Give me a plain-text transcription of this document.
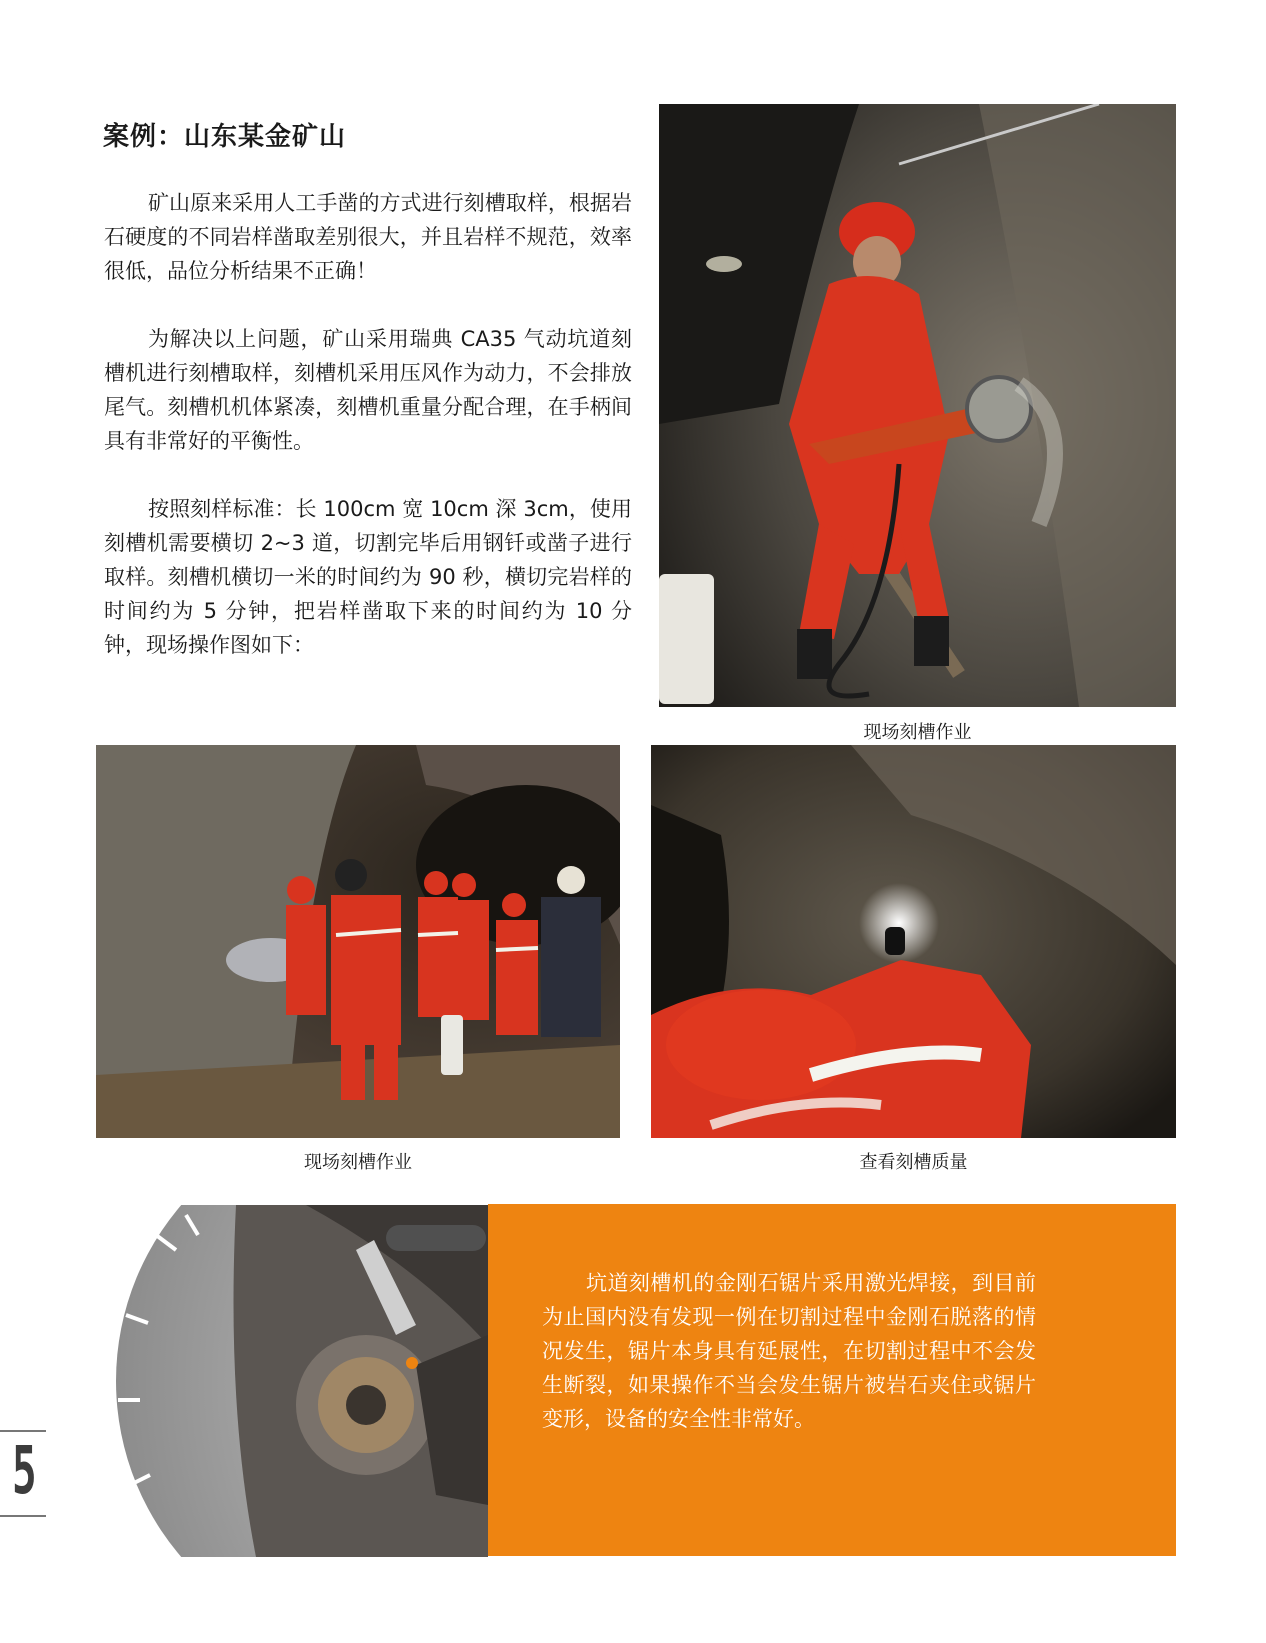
案例：山东某金矿山

矿山原来采用人工手凿的方式进行刻槽取样，根据岩石硬度的不同岩样凿取差别很大，并且岩样不规范，效率很低，品位分析结果不正确！

为解决以上问题，矿山采用瑞典 CA35 气动坑道刻槽机进行刻槽取样，刻槽机采用压风作为动力，不会排放尾气。刻槽机机体紧凑，刻槽机重量分配合理，在手柄间具有非常好的平衡性。

按照刻样标准：长 100cm 宽 10cm 深 3cm，使用刻槽机需要横切 2~3 道，切割完毕后用钢钎或凿子进行取样。刻槽机横切一米的时间约为 90 秒，横切完岩样的时间约为 5 分钟，把岩样凿取下来的时间约为 10 分钟，现场操作图如下：

现场刻槽作业
现场刻槽作业	查看刻槽质量

坑道刻槽机的金刚石锯片采用激光焊接，到目前为止国内没有发现一例在切割过程中金刚石脱落的情况发生，锯片本身具有延展性，在切割过程中不会发生断裂，如果操作不当会发生锯片被岩石夹住或锯片变形，设备的安全性非常好。

5
